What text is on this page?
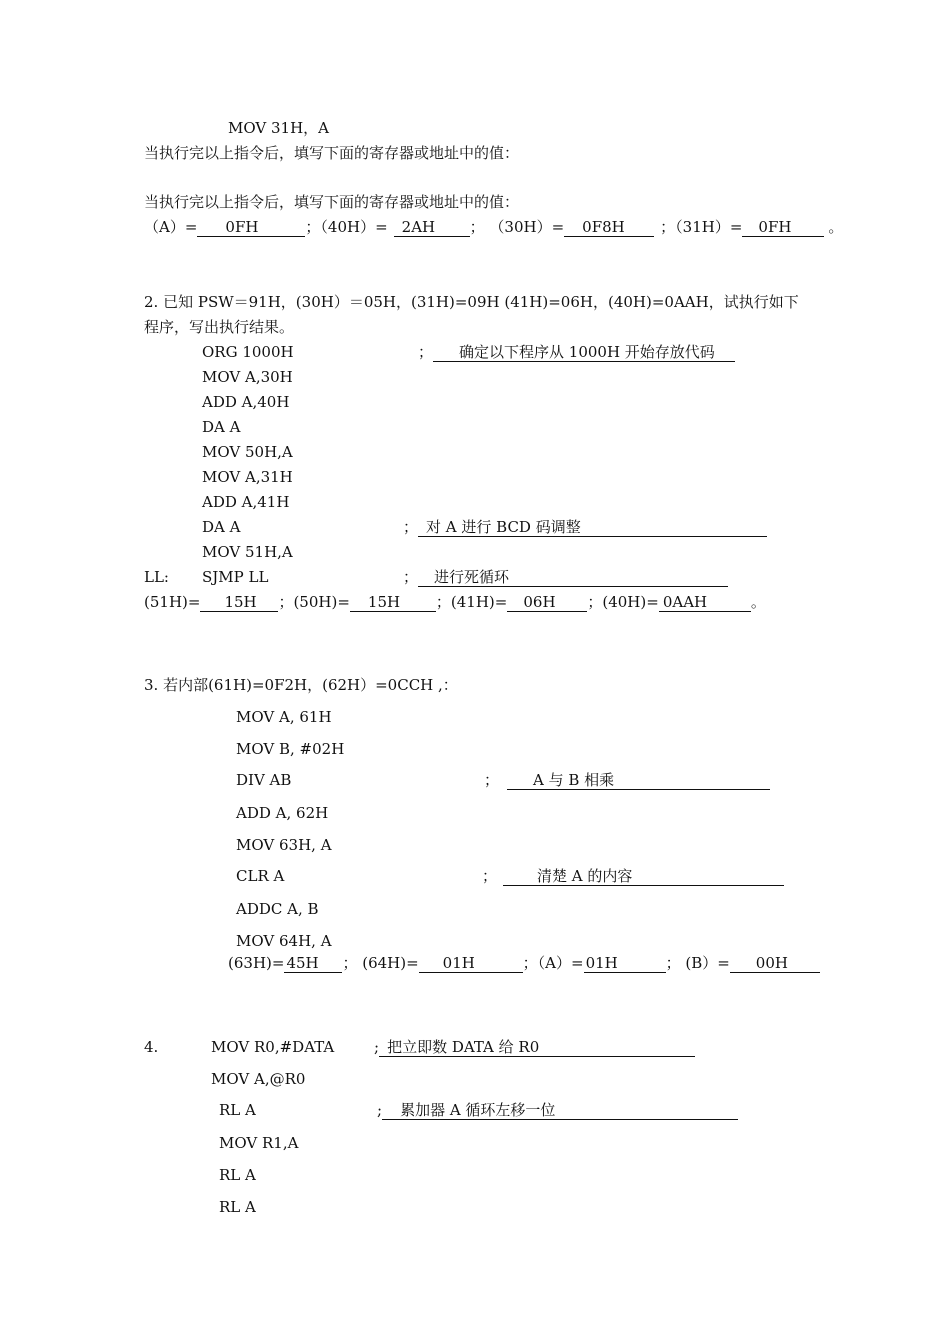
MOV 31H，A
当执行完以上指令后，填写下面的寄存器或地址中的值：
当执行完以上指令后，填写下面的寄存器或地址中的值：
（A）= 0FH	；（40H）= 2AH ； （30H）= 0F8H ；（31H）= 0FH 。
2. 已知 PSW＝91H，(30H）＝05H，(31H)=09H (41H)=06H，(40H)=0AAH，试执行如下
程序，写出执行结果。
ORG 1000H	； 确定以下程序从 1000H 开始存放代码
MOV A,30H
ADD A,40H
DA A
MOV 50H,A
MOV A,31H
ADD A,41H
DA A	； 对 A 进行 BCD 码调整
MOV 51H,A
LL: SJMP LL	； 进行死循环
(51H)= 15H ；(50H)= 15H ；(41H)= 06H ；(40H)= 0AAH	。
3. 若内部(61H)=0F2H，(62H）=0CCH ,：
MOV A, 61H
MOV B, #02H
DIV AB	； A 与 B 相乘
ADD A, 62H
MOV 63H, A
CLR A	；	清楚 A 的内容
ADDC A, B
MOV 64H, A
(63H)= 45H ； (64H)= 01H	；（A）= 01H	； (B）= 00H
4.	MOV R0,#DATA	; 把立即数 DATA 给 R0
MOV A,@R0
RL A	; 累加器 A 循环左移一位
MOV R1,A
RL A
RL A
